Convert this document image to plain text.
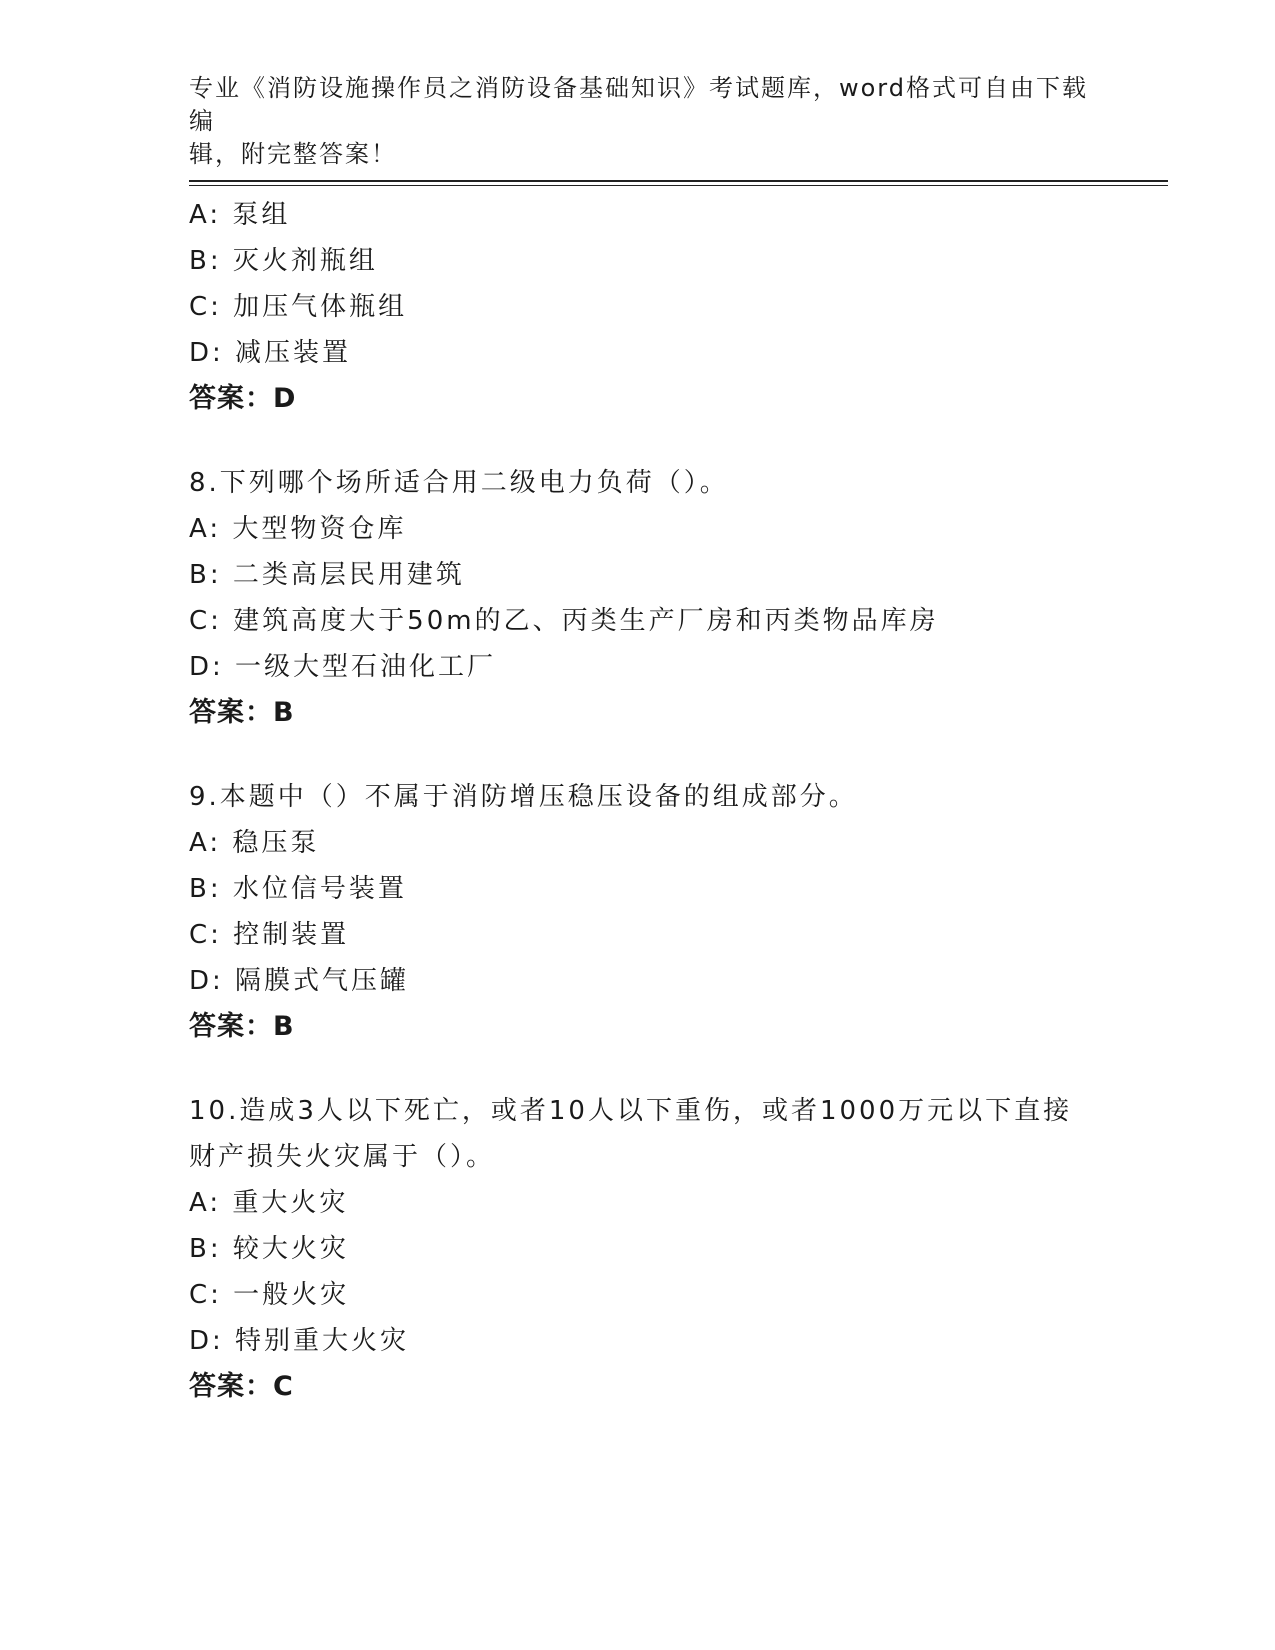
专业《消防设施操作员之消防设备基础知识》考试题库，word格式可自由下载编
辑，附完整答案！
A: 泵组
B: 灭火剂瓶组
C: 加压气体瓶组
D: 减压装置
答案：D
8.下列哪个场所适合用二级电力负荷（）。
A: 大型物资仓库
B: 二类高层民用建筑
C: 建筑高度大于50m的乙、丙类生产厂房和丙类物品库房
D: 一级大型石油化工厂
答案：B
9.本题中（）不属于消防增压稳压设备的组成部分。
A: 稳压泵
B: 水位信号装置
C: 控制装置
D: 隔膜式气压罐
答案：B
10.造成3人以下死亡，或者10人以下重伤，或者1000万元以下直接
财产损失火灾属于（）。
A: 重大火灾
B: 较大火灾
C: 一般火灾
D: 特别重大火灾
答案：C
